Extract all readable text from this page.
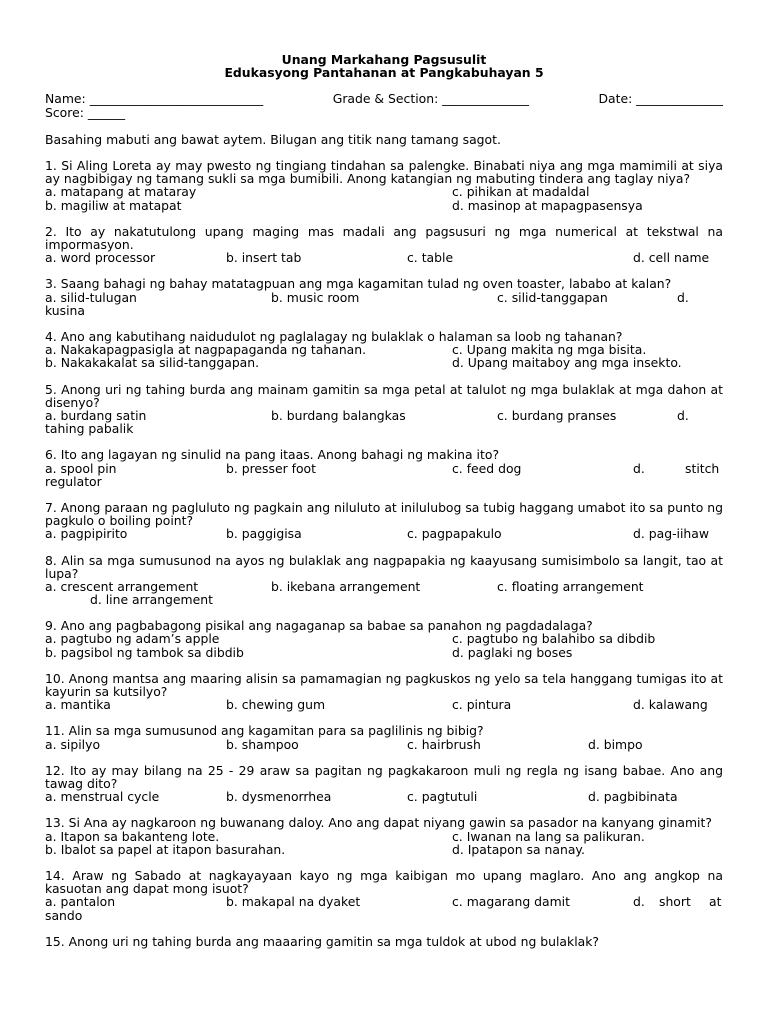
Unang Markahang Pagsusulit
Edukasyong Pantahanan at Pangkabuhayan 5
Name: ____________________________	Grade & Section: ______________	Date: ______________
Score: ______
Basahing mabuti ang bawat aytem. Bilugan ang titik nang tamang sagot.
1. Si Aling Loreta ay may pwesto ng tingiang tindahan sa palengke. Binabati niya ang mga mamimili at siya ay nagbibigay ng tamang sukli sa mga bumibili. Anong katangian ng mabuting tindera ang taglay niya?
a. matapang at mataray	c. pihikan at madaldal
b. magiliw at matapat	d. masinop at mapagpasensya
2. Ito ay nakatutulong upang maging mas madali ang pagsusuri ng mga numerical at tekstwal na impormasyon.
a. word processor	b. insert tab	c. table	d. cell name
3. Saang bahagi ng bahay matatagpuan ang mga kagamitan tulad ng oven toaster, lababo at kalan?
a. silid-tulugan	b. music room	c. silid-tanggapan	d.
kusina
4. Ano ang kabutihang naidudulot ng paglalagay ng bulaklak o halaman sa loob ng tahanan?
a. Nakakapagpasigla at nagpapaganda ng tahanan.	c. Upang makita ng mga bisita.
b. Nakakakalat sa silid-tanggapan.	d. Upang maitaboy ang mga insekto.
5. Anong uri ng tahing burda ang mainam gamitin sa mga petal at talulot ng mga bulaklak at mga dahon at disenyo?
a. burdang satin	b. burdang balangkas	c. burdang pranses	d.
tahing pabalik
6. Ito ang lagayan ng sinulid na pang itaas. Anong bahagi ng makina ito?
a. spool pin	b. presser foot	c. feed dog	d.	stitch
regulator
7. Anong paraan ng pagluluto ng pagkain ang niluluto at inilulubog sa tubig haggang umabot ito sa punto ng pagkulo o boiling point?
a. pagpipirito	b. paggigisa	c. pagpapakulo	d. pag-iihaw
8. Alin sa mga sumusunod na ayos ng bulaklak ang nagpapakia ng kaayusang sumisimbolo sa langit, tao at lupa?
a. crescent arrangement	b. ikebana arrangement	c. floating arrangement
d. line arrangement
9. Ano ang pagbabagong pisikal ang nagaganap sa babae sa panahon ng pagdadalaga?
a. pagtubo ng adam’s apple	c. pagtubo ng balahibo sa dibdib
b. pagsibol ng tambok sa dibdib	d. paglaki ng boses
10. Anong mantsa ang maaring alisin sa pamamagian ng pagkuskos ng yelo sa tela hanggang tumigas ito at kayurin sa kutsilyo?
a. mantika	b. chewing gum	c. pintura	d. kalawang
11. Alin sa mga sumusunod ang kagamitan para sa paglilinis ng bibig?
a. sipilyo	b. shampoo	c. hairbrush	d. bimpo
12. Ito ay may bilang na 25 - 29 araw sa pagitan ng pagkakaroon muli ng regla ng isang babae. Ano ang tawag dito?
a. menstrual cycle	b. dysmenorrhea	c. pagtutuli	d. pagbibinata
13. Si Ana ay nagkaroon ng buwanang daloy. Ano ang dapat niyang gawin sa pasador na kanyang ginamit?
a. Itapon sa bakanteng lote.	c. Iwanan na lang sa palikuran.
b. Ibalot sa papel at itapon basurahan.	d. Ipatapon sa nanay.
14. Araw ng Sabado at nagkayayaan kayo ng mga kaibigan mo upang maglaro. Ano ang angkop na kasuotan ang dapat mong isuot?
a. pantalon	b. makapal na dyaket	c. magarang damit	d. short at
sando
15. Anong uri ng tahing burda ang maaaring gamitin sa mga tuldok at ubod ng bulaklak?
